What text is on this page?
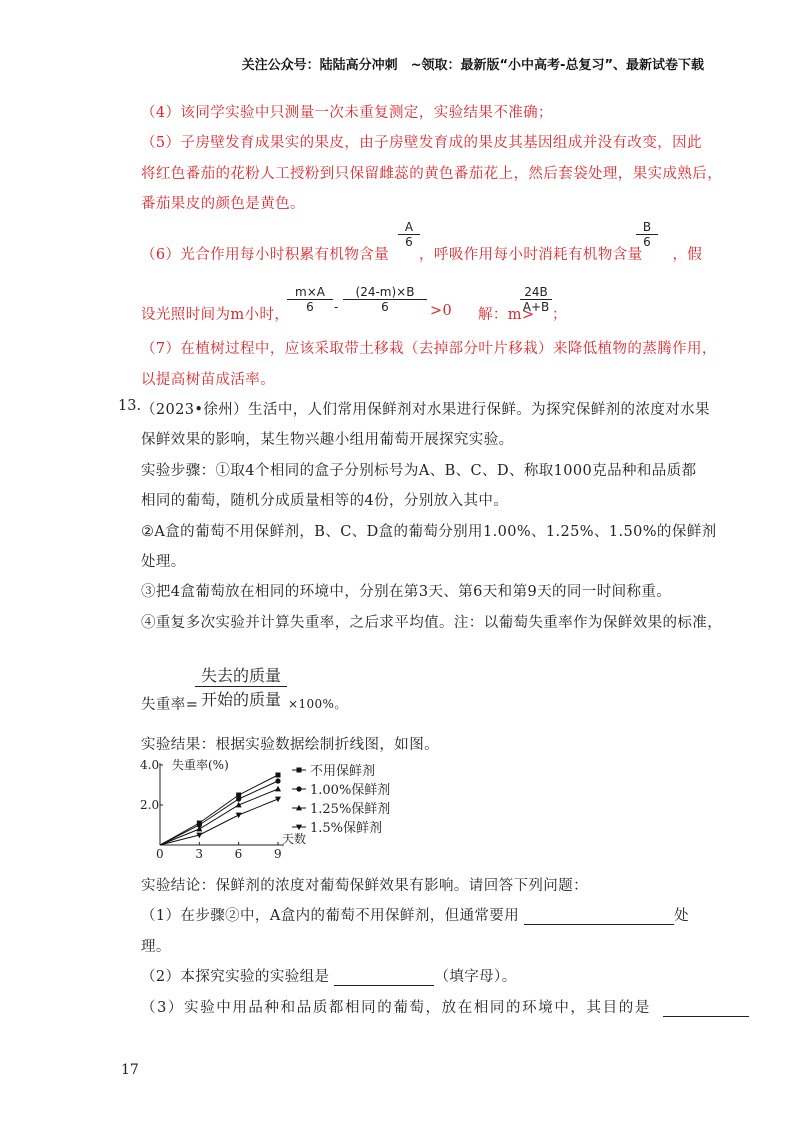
关注公众号：陆陆高分冲刺　~领取：最新版“小中高考-总复习”、最新试卷下载
（4）该同学实验中只测量一次未重复测定，实验结果不准确；
（5）子房壁发育成果实的果皮，由子房壁发育成的果皮其基因组成并没有改变，因此
将红色番茄的花粉人工授粉到只保留雌蕊的黄色番茄花上，然后套袋处理，果实成熟后，
番茄果皮的颜色是黄色。
（6）光合作用每小时积累有机物含量 ，呼吸作用每小时消耗有机物含量 ，假
A
6
B
6
设光照时间为m小时，
m×A
6	-
(24-m)×B
6	>0 解：m>
24B
A+B ；
（7）在植树过程中，应该采取带土移栽（去掉部分叶片移栽）来降低植物的蒸腾作用，
以提高树苗成活率。
13. （2023•徐州）生活中，人们常用保鲜剂对水果进行保鲜。为探究保鲜剂的浓度对水果
保鲜效果的影响，某生物兴趣小组用葡萄开展探究实验。
实验步骤：①取4个相同的盒子分别标号为A、B、C、D、称取1000克品种和品质都
相同的葡萄，随机分成质量相等的4份，分别放入其中。
②A盒的葡萄不用保鲜剂，B、C、D盒的葡萄分别用1.00%、1.25%、1.50%的保鲜剂
处理。
③把4盒葡萄放在相同的环境中，分别在第3天、第6天和第9天的同一时间称重。
④重复多次实验并计算失重率，之后求平均值。注：以葡萄失重率作为保鲜效果的标准，
失重率=
失去的质量
开始的质量 ×100%。
实验结果：根据实验数据绘制折线图，如图。
失重率(%)
天数
2.0
4.0
0	3	6	9
不用保鲜剂
1.00%保鲜剂
1.25%保鲜剂
1.5%保鲜剂
实验结论：保鲜剂的浓度对葡萄保鲜效果有影响。请回答下列问题：
（1）在步骤②中，A盒内的葡萄不用保鲜剂，但通常要用	处
理。
（2）本探究实验的实验组是	（填字母）。
（3）实验中用品种和品质都相同的葡萄，放在相同的环境中，其目的是
17
